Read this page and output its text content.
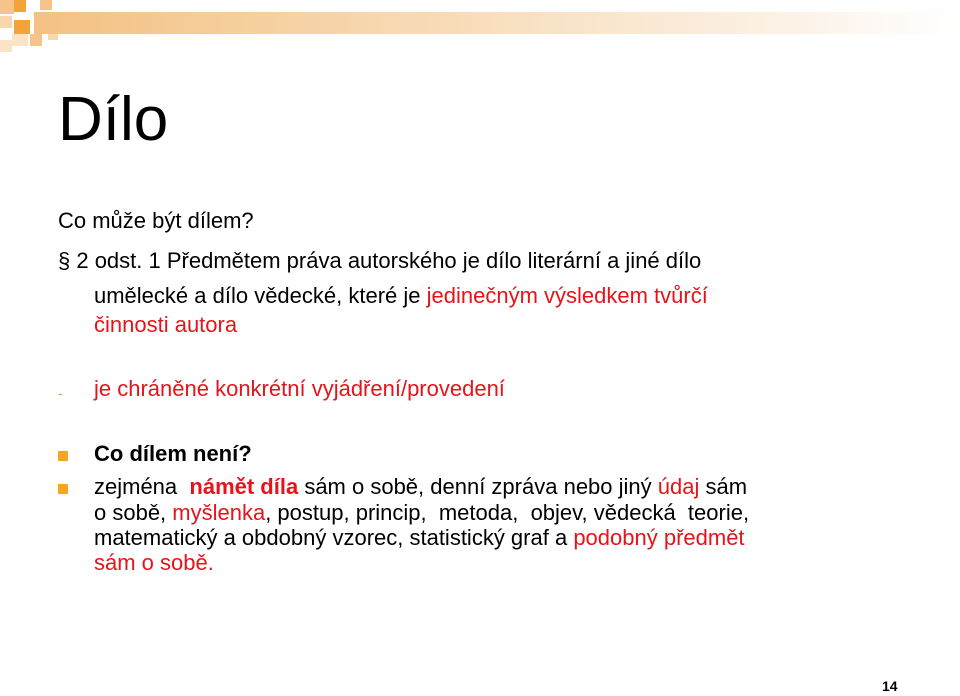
Dílo
Co může být dílem?
§ 2 odst. 1 Předmětem práva autorského je dílo literární a jiné dílo
umělecké a dílo vědecké, které je jedinečným výsledkem tvůrčí
činnosti autora
- je chráněné konkrétní vyjádření/provedení
Co dílem není?
zejména  námět díla sám o sobě, denní zpráva nebo jiný údaj sám
o sobě, myšlenka, postup, princip,  metoda,  objev, vědecká  teorie,
matematický a obdobný vzorec, statistický graf a podobný předmět
sám o sobě.
14
